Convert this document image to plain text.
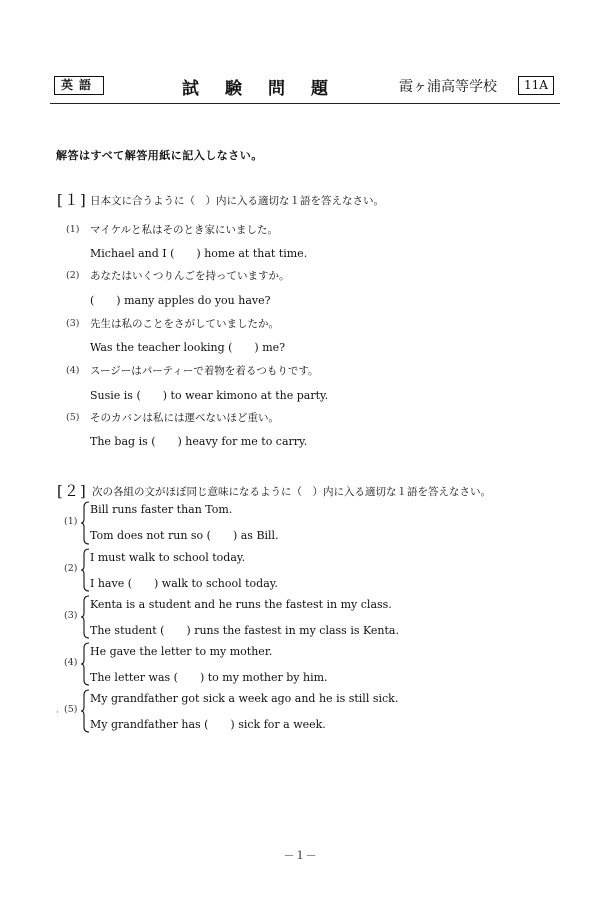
英語	試験問題	霞ヶ浦高等学校	11A
解答はすべて解答用紙に記入しなさい。
[１] 日本文に合うように（　）内に入る適切な１語を答えなさい。
(1) マイケルと私はそのとき家にいました。
Michael and I (　　) home at that time.
(2) あなたはいくつりんごを持っていますか。
(　　) many apples do you have?
(3) 先生は私のことをさがしていましたか。
Was the teacher looking (　　) me?
(4) スージーはパーティーで着物を着るつもりです。
Susie is (　　) to wear kimono at the party.
(5) そのカバンは私には運べないほど重い。
The bag is (　　) heavy for me to carry.
[２] 次の各組の文がほぼ同じ意味になるように（　）内に入る適切な１語を答えなさい。
(1)
Bill runs faster than Tom.
Tom does not run so (　　) as Bill.
(2)
I must walk to school today.
I have (　　) walk to school today.
(3)
Kenta is a student and he runs the fastest in my class.
The student (　　) runs the fastest in my class is Kenta.
(4)
He gave the letter to my mother.
The letter was (　　) to my mother by him.
· (5)
My grandfather got sick a week ago and he is still sick.
My grandfather has (　　) sick for a week.
－１－
